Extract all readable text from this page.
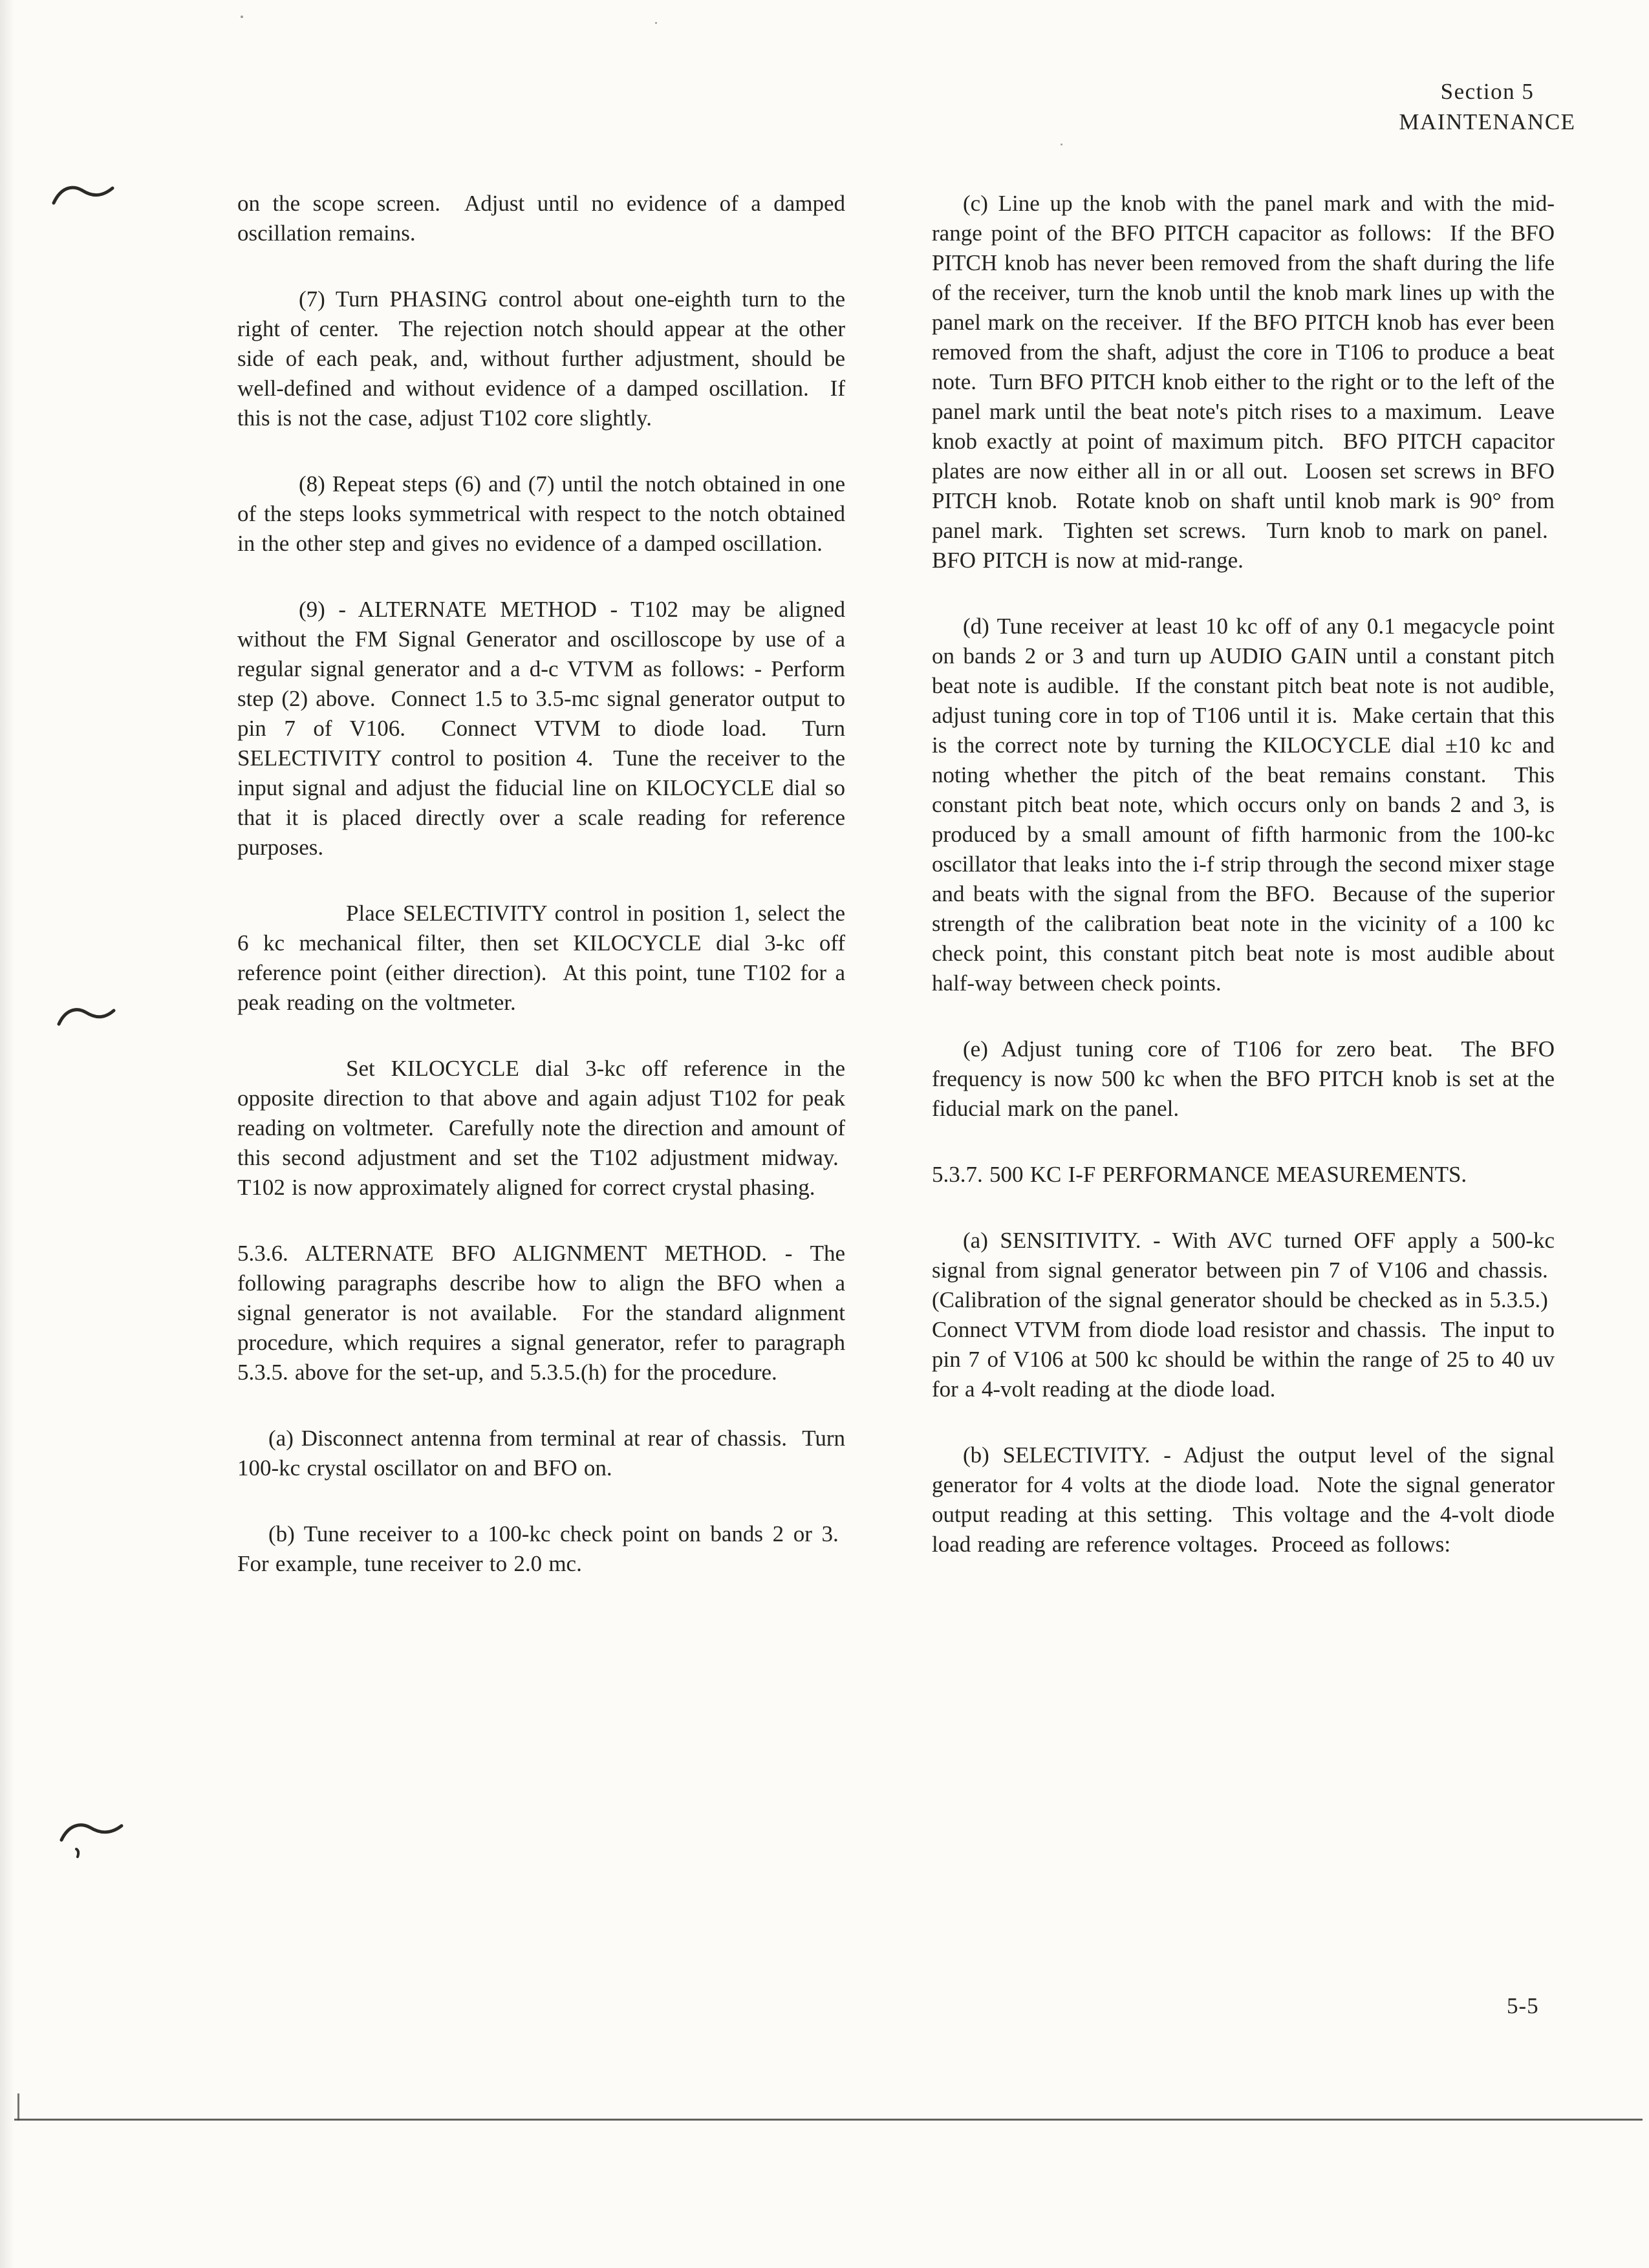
Section 5
MAINTENANCE

on the scope screen.  Adjust until no evidence of a damped oscillation remains.

(7) Turn PHASING control about one-eighth turn to the right of center.  The rejection notch should appear at the other side of each peak, and, without further adjustment, should be well-defined and without evidence of a damped oscillation.  If this is not the case, adjust T102 core slightly.

(8) Repeat steps (6) and (7) until the notch obtained in one of the steps looks symmetrical with respect to the notch obtained in the other step and gives no evidence of a damped oscillation.

(9) - ALTERNATE METHOD - T102 may be aligned without the FM Signal Generator and oscilloscope by use of a regular signal generator and a d-c VTVM as follows: - Perform step (2) above.  Connect 1.5 to 3.5-mc signal generator output to pin 7 of V106.  Connect VTVM to diode load.  Turn SELECTIVITY control to position 4.  Tune the receiver to the input signal and adjust the fiducial line on KILOCYCLE dial so that it is placed directly over a scale reading for reference purposes.

Place SELECTIVITY control in position 1, select the 6 kc mechanical filter, then set KILOCYCLE dial 3-kc off reference point (either direction).  At this point, tune T102 for a peak reading on the voltmeter.

Set KILOCYCLE dial 3-kc off reference in the opposite direction to that above and again adjust T102 for peak reading on voltmeter.  Carefully note the direction and amount of this second adjustment and set the T102 adjustment midway.  T102 is now approximately aligned for correct crystal phasing.

5.3.6. ALTERNATE BFO ALIGNMENT METHOD. - The following paragraphs describe how to align the BFO when a signal generator is not available.  For the standard alignment procedure, which requires a signal generator, refer to paragraph 5.3.5. above for the set-up, and 5.3.5.(h) for the procedure.

(a) Disconnect antenna from terminal at rear of chassis.  Turn 100-kc crystal oscillator on and BFO on.

(b) Tune receiver to a 100-kc check point on bands 2 or 3.  For example, tune receiver to 2.0 mc.

(c) Line up the knob with the panel mark and with the mid-range point of the BFO PITCH capacitor as follows:  If the BFO PITCH knob has never been removed from the shaft during the life of the receiver, turn the knob until the knob mark lines up with the panel mark on the receiver.  If the BFO PITCH knob has ever been removed from the shaft, adjust the core in T106 to produce a beat note.  Turn BFO PITCH knob either to the right or to the left of the panel mark until the beat note's pitch rises to a maximum.  Leave knob exactly at point of maximum pitch.  BFO PITCH capacitor plates are now either all in or all out.  Loosen set screws in BFO PITCH knob.  Rotate knob on shaft until knob mark is 90° from panel mark.  Tighten set screws.  Turn knob to mark on panel.  BFO PITCH is now at mid-range.

(d) Tune receiver at least 10 kc off of any 0.1 megacycle point on bands 2 or 3 and turn up AUDIO GAIN until a constant pitch beat note is audible.  If the constant pitch beat note is not audible, adjust tuning core in top of T106 until it is.  Make certain that this is the correct note by turning the KILOCYCLE dial ±10 kc and noting whether the pitch of the beat remains constant.  This constant pitch beat note, which occurs only on bands 2 and 3, is produced by a small amount of fifth harmonic from the 100-kc oscillator that leaks into the i-f strip through the second mixer stage and beats with the signal from the BFO.  Because of the superior strength of the calibration beat note in the vicinity of a 100 kc check point, this constant pitch beat note is most audible about half-way between check points.

(e) Adjust tuning core of T106 for zero beat.  The BFO frequency is now 500 kc when the BFO PITCH knob is set at the fiducial mark on the panel.

5.3.7. 500 KC I-F PERFORMANCE MEASUREMENTS.

(a) SENSITIVITY. - With AVC turned OFF apply a 500-kc signal from signal generator between pin 7 of V106 and chassis.  (Calibration of the signal generator should be checked as in 5.3.5.)  Connect VTVM from diode load resistor and chassis.  The input to pin 7 of V106 at 500 kc should be within the range of 25 to 40 uv for a 4-volt reading at the diode load.

(b) SELECTIVITY. - Adjust the output level of the signal generator for 4 volts at the diode load.  Note the signal generator output reading at this setting.  This voltage and the 4-volt diode load reading are reference voltages.  Proceed as follows:

5-5
